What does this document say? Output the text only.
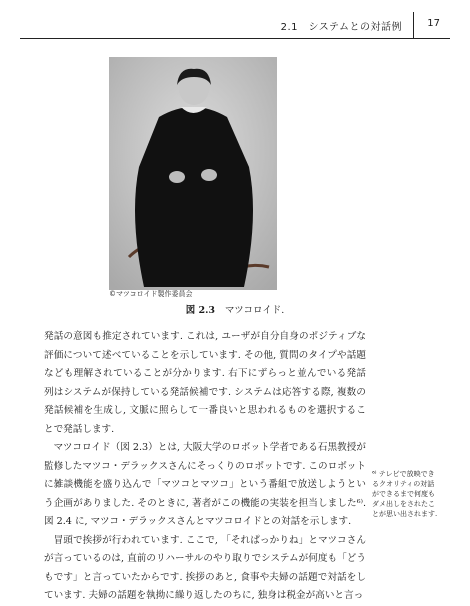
2.1　システムとの対話例	17
©マツコロイド製作委員会
図 2.3 マツコロイド.

発話の意図も推定されています. これは, ユーザが自分自身のポジティブな評価について述べていることを示しています. その他, 質問のタイプや話題なども理解されていることが分かります. 右下にずらっと並んでいる発話列はシステムが保持している発話候補です. システムは応答する際, 複数の発話候補を生成し, 文脈に照らして一番良いと思われるものを選択することで発話します.

マツコロイド（図 2.3）とは, 大阪大学のロボット学者である石黒教授が監修したマツコ・デラックスさんにそっくりのロボットです. このロボットに雑談機能を盛り込んで「マツコとマツコ」という番組で放送しようという企画がありました. そのときに, 著者がこの機能の実装を担当しました⁶⁾. 図 2.4 に, マツコ・デラックスさんとマツコロイドとの対話を示します.

冒頭で挨拶が行われています. ここで, 「それぱっかりね」とマツコさんが言っているのは, 直前のリハーサルのやり取りでシステムが何度も「どうもです」と言っていたからです. 挨拶のあと, 食事や夫婦の話題で対話をしています. 夫婦の話題を執拗に繰り返したのちに, 独身は税金が高いと言っ

⁶⁾ テレビで放映できるクオリティの対話ができるまで何度もダメ出しをされたことが思い出されます.
